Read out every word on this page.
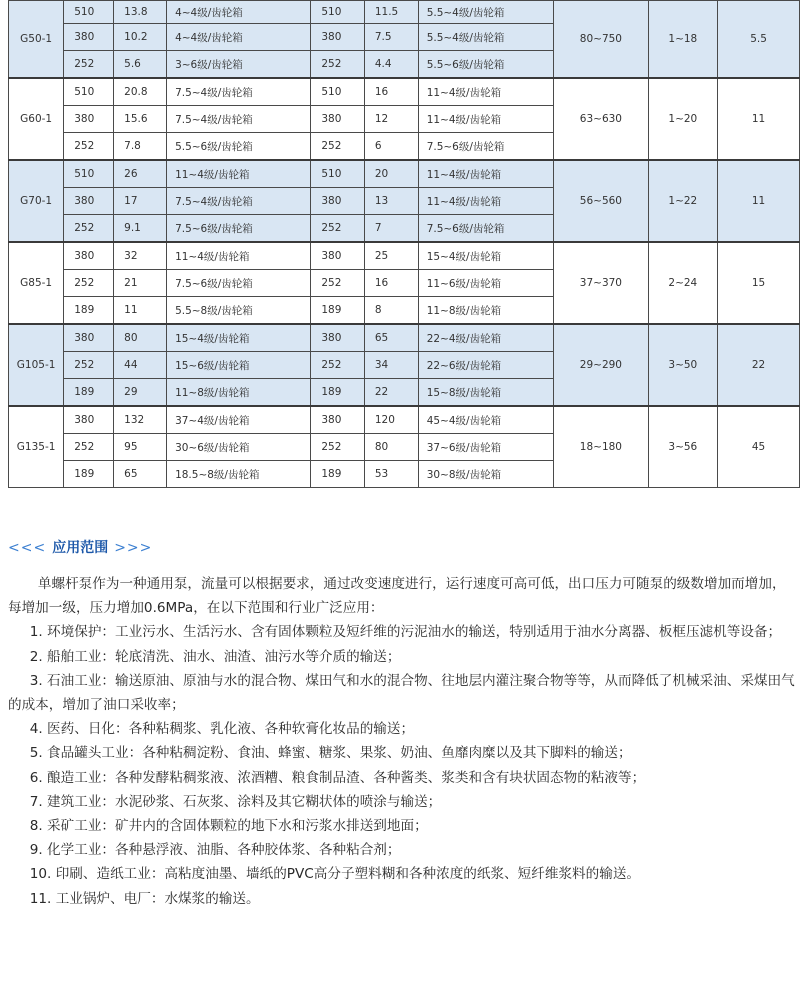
G50-1	510	13.8	4~4级/齿轮箱	510	11.5	5.5~4级/齿轮箱	80~750	1~18	5.5
	380	10.2	4~4级/齿轮箱	380	7.5	5.5~4级/齿轮箱			
	252	5.6	3~6级/齿轮箱	252	4.4	5.5~6级/齿轮箱			
G60-1	510	20.8	7.5~4级/齿轮箱	510	16	11~4级/齿轮箱	63~630	1~20	11
	380	15.6	7.5~4级/齿轮箱	380	12	11~4级/齿轮箱			
	252	7.8	5.5~6级/齿轮箱	252	6	7.5~6级/齿轮箱			
G70-1	510	26	11~4级/齿轮箱	510	20	11~4级/齿轮箱	56~560	1~22	11
	380	17	7.5~4级/齿轮箱	380	13	11~4级/齿轮箱			
	252	9.1	7.5~6级/齿轮箱	252	7	7.5~6级/齿轮箱			
G85-1	380	32	11~4级/齿轮箱	380	25	15~4级/齿轮箱	37~370	2~24	15
	252	21	7.5~6级/齿轮箱	252	16	11~6级/齿轮箱			
	189	11	5.5~8级/齿轮箱	189	8	11~8级/齿轮箱			
G105-1	380	80	15~4级/齿轮箱	380	65	22~4级/齿轮箱	29~290	3~50	22
	252	44	15~6级/齿轮箱	252	34	22~6级/齿轮箱			
	189	29	11~8级/齿轮箱	189	22	15~8级/齿轮箱			
G135-1	380	132	37~4级/齿轮箱	380	120	45~4级/齿轮箱	18~180	3~56	45
	252	95	30~6级/齿轮箱	252	80	37~6级/齿轮箱			
	189	65	18.5~8级/齿轮箱	189	53	30~8级/齿轮箱			
<<< 应用范围 >>>

单螺杆泵作为一种通用泵，流量可以根据要求，通过改变速度进行，运行速度可高可低，出口压力可随泵的级数增加而增加，每增加一级，压力增加0.6MPa，在以下范围和行业广泛应用：

1. 环境保护：工业污水、生活污水、含有固体颗粒及短纤维的污泥油水的输送，特别适用于油水分离器、板框压滤机等设备；

2. 船舶工业：轮底清洗、油水、油渣、油污水等介质的输送；

3. 石油工业：输送原油、原油与水的混合物、煤田气和水的混合物、往地层内灌注聚合物等等，从而降低了机械采油、采煤田气的成本，增加了油口采收率；

4. 医药、日化：各种粘稠浆、乳化液、各种软膏化妆品的输送；

5. 食品罐头工业：各种粘稠淀粉、食油、蜂蜜、糖浆、果浆、奶油、鱼靡肉糜以及其下脚料的输送；

6. 酿造工业：各种发酵粘稠浆液、浓酒糟、粮食制品渣、各种酱类、浆类和含有块状固态物的粘液等；

7. 建筑工业：水泥砂浆、石灰浆、涂料及其它糊状体的喷涂与输送；

8. 采矿工业：矿井内的含固体颗粒的地下水和污浆水排送到地面；

9. 化学工业：各种悬浮液、油脂、各种胶体浆、各种粘合剂；

10. 印刷、造纸工业：高粘度油墨、墙纸的PVC高分子塑料糊和各种浓度的纸浆、短纤维浆料的输送。

11. 工业锅炉、电厂：水煤浆的输送。
